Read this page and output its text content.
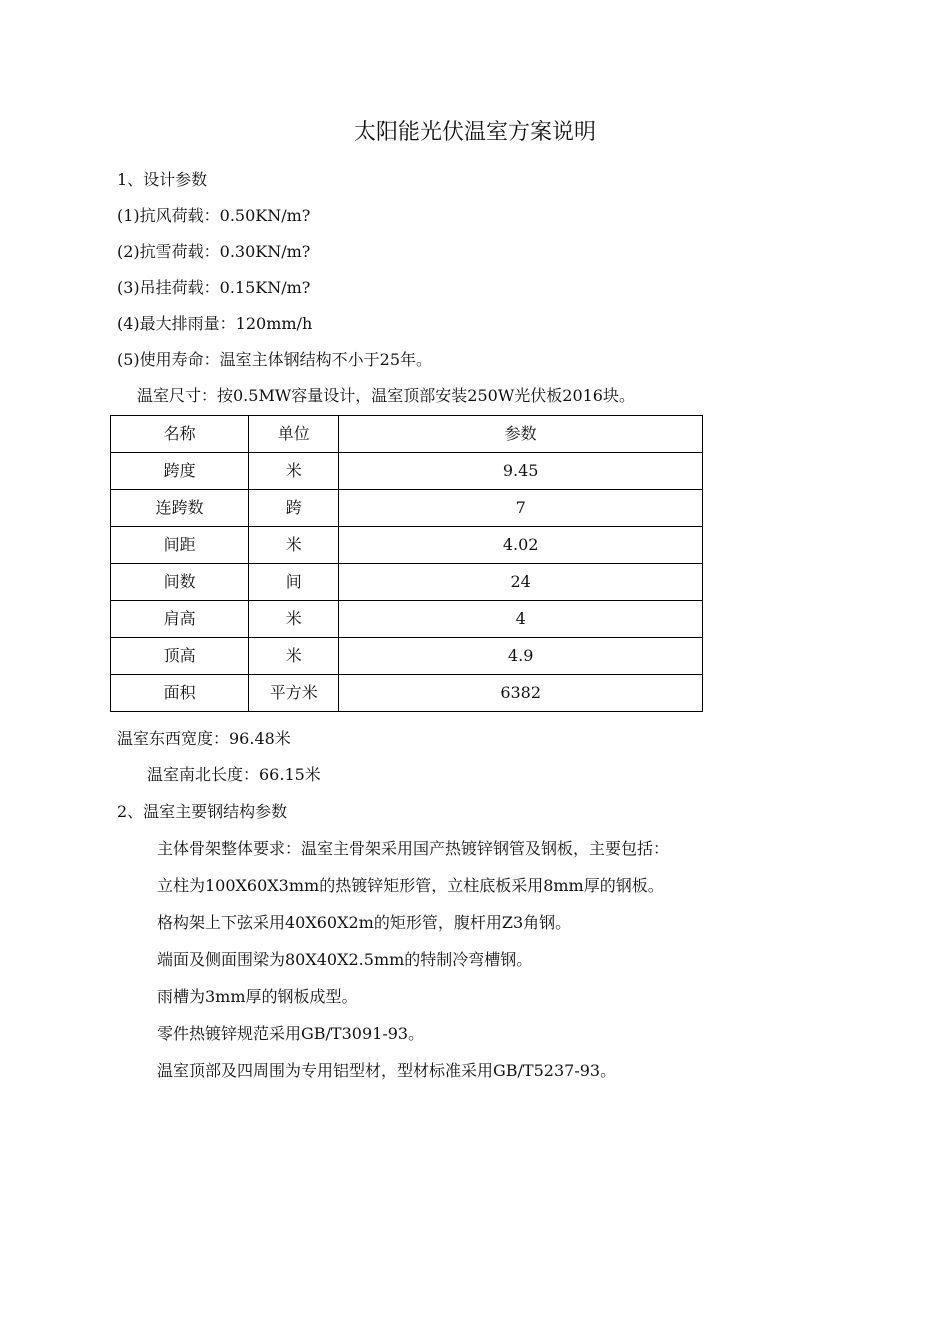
太阳能光伏温室方案说明
1、设计参数
(1)抗风荷载：0.50KN/m?
(2)抗雪荷载：0.30KN/m?
(3)吊挂荷载：0.15KN/m?
(4)最大排雨量：120mm/h
(5)使用寿命：温室主体钢结构不小于25年。
温室尺寸：按0.5MW容量设计，温室顶部安装250W光伏板2016块。
名称	单位	参数
跨度	米	9.45
连跨数	跨	7
间距	米	4.02
间数	间	24
肩高	米	4
顶高	米	4.9
面积	平方米	6382
温室东西宽度：96.48米
温室南北长度：66.15米
2、温室主要钢结构参数
主体骨架整体要求：温室主骨架采用国产热镀锌钢管及钢板，主要包括：
立柱为100X60X3mm的热镀锌矩形管，立柱底板采用8mm厚的钢板。
格构架上下弦采用40X60X2m的矩形管，腹杆用Z3角钢。
端面及侧面围梁为80X40X2.5mm的特制冷弯槽钢。
雨槽为3mm厚的钢板成型。
零件热镀锌规范采用GB/T3091-93。
温室顶部及四周围为专用铝型材，型材标准采用GB/T5237-93。
